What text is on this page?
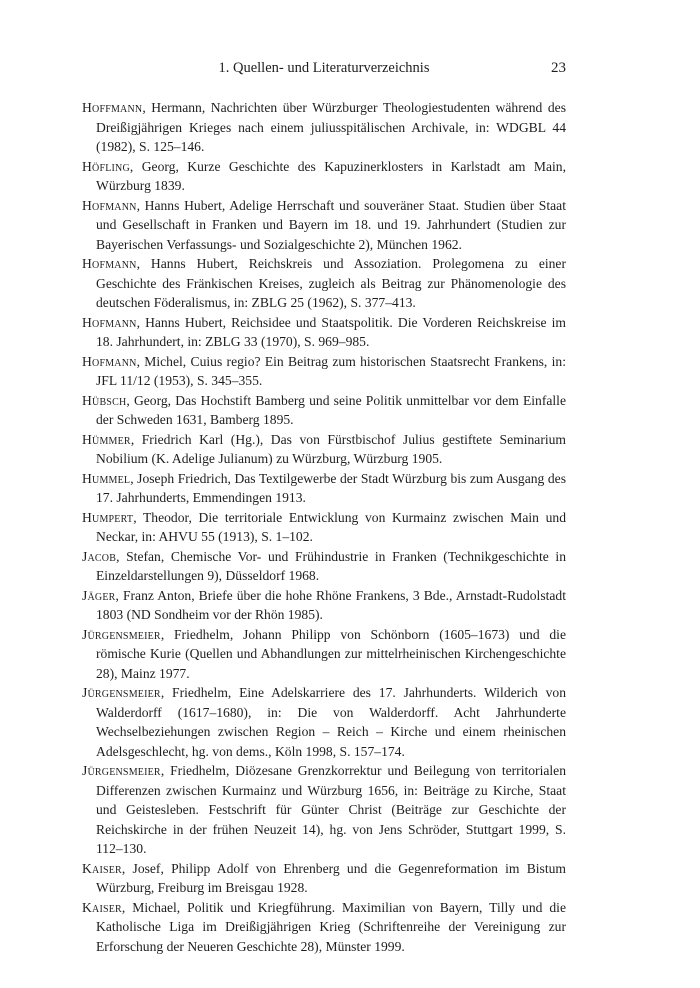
1. Quellen- und Literaturverzeichnis	23

Hoffmann, Hermann, Nachrichten über Würzburger Theologiestudenten während des Dreißigjährigen Krieges nach einem juliusspitälischen Archivale, in: WDGBL 44 (1982), S. 125–146.

Höfling, Georg, Kurze Geschichte des Kapuzinerklosters in Karlstadt am Main, Würzburg 1839.

Hofmann, Hanns Hubert, Adelige Herrschaft und souveräner Staat. Studien über Staat und Gesellschaft in Franken und Bayern im 18. und 19. Jahrhundert (Studien zur Bayerischen Verfassungs- und Sozialgeschichte 2), München 1962.

Hofmann, Hanns Hubert, Reichskreis und Assoziation. Prolegomena zu einer Geschichte des Fränkischen Kreises, zugleich als Beitrag zur Phänomenologie des deutschen Föderalismus, in: ZBLG 25 (1962), S. 377–413.

Hofmann, Hanns Hubert, Reichsidee und Staatspolitik. Die Vorderen Reichskreise im 18. Jahrhundert, in: ZBLG 33 (1970), S. 969–985.

Hofmann, Michel, Cuius regio? Ein Beitrag zum historischen Staatsrecht Frankens, in: JFL 11/12 (1953), S. 345–355.

Hübsch, Georg, Das Hochstift Bamberg und seine Politik unmittelbar vor dem Einfalle der Schweden 1631, Bamberg 1895.

Hümmer, Friedrich Karl (Hg.), Das von Fürstbischof Julius gestiftete Seminarium Nobilium (K. Adelige Julianum) zu Würzburg, Würzburg 1905.

Hummel, Joseph Friedrich, Das Textilgewerbe der Stadt Würzburg bis zum Ausgang des 17. Jahrhunderts, Emmendingen 1913.

Humpert, Theodor, Die territoriale Entwicklung von Kurmainz zwischen Main und Neckar, in: AHVU 55 (1913), S. 1–102.

Jacob, Stefan, Chemische Vor- und Frühindustrie in Franken (Technikgeschichte in Einzeldarstellungen 9), Düsseldorf 1968.

Jäger, Franz Anton, Briefe über die hohe Rhöne Frankens, 3 Bde., Arnstadt-Rudolstadt 1803 (ND Sondheim vor der Rhön 1985).

Jürgensmeier, Friedhelm, Johann Philipp von Schönborn (1605–1673) und die römische Kurie (Quellen und Abhandlungen zur mittelrheinischen Kirchengeschichte 28), Mainz 1977.

Jürgensmeier, Friedhelm, Eine Adelskarriere des 17. Jahrhunderts. Wilderich von Walderdorff (1617–1680), in: Die von Walderdorff. Acht Jahrhunderte Wechselbeziehungen zwischen Region – Reich – Kirche und einem rheinischen Adelsgeschlecht, hg. von dems., Köln 1998, S. 157–174.

Jürgensmeier, Friedhelm, Diözesane Grenzkorrektur und Beilegung von territorialen Differenzen zwischen Kurmainz und Würzburg 1656, in: Beiträge zu Kirche, Staat und Geistesleben. Festschrift für Günter Christ (Beiträge zur Geschichte der Reichskirche in der frühen Neuzeit 14), hg. von Jens Schröder, Stuttgart 1999, S. 112–130.

Kaiser, Josef, Philipp Adolf von Ehrenberg und die Gegenreformation im Bistum Würzburg, Freiburg im Breisgau 1928.

Kaiser, Michael, Politik und Kriegführung. Maximilian von Bayern, Tilly und die Katholische Liga im Dreißigjährigen Krieg (Schriftenreihe der Vereinigung zur Erforschung der Neueren Geschichte 28), Münster 1999.
